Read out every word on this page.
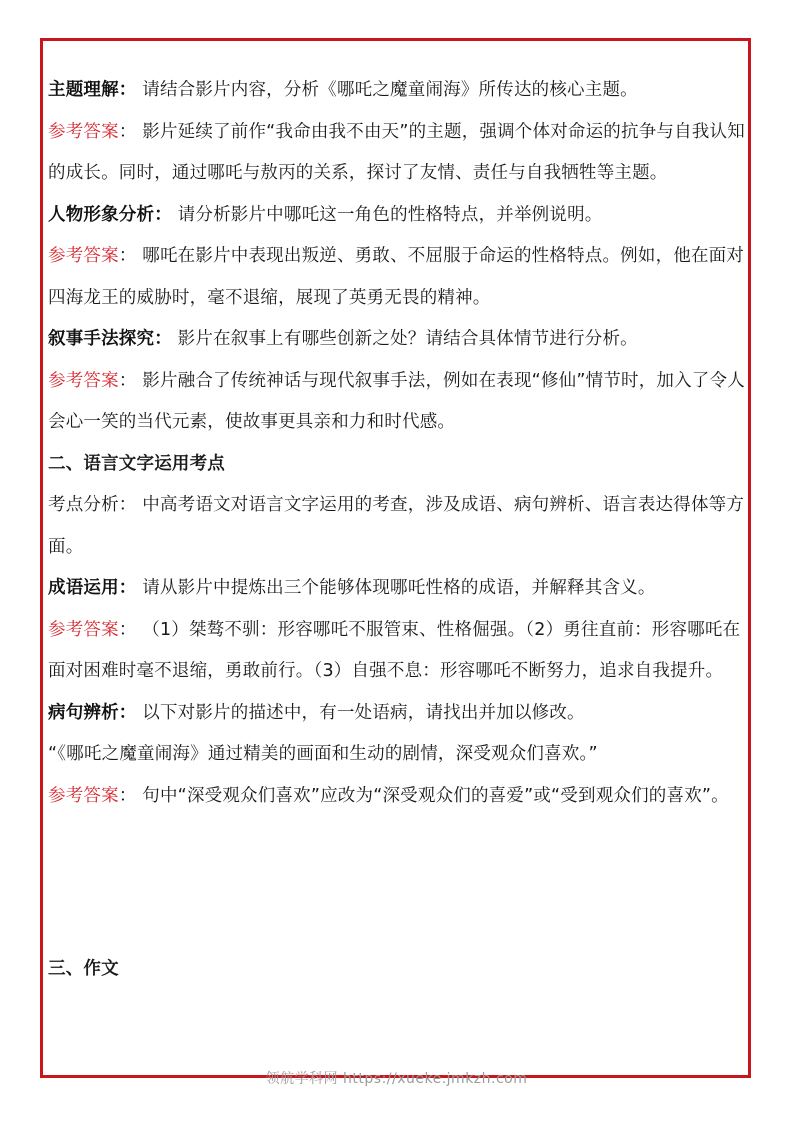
主题理解： 请结合影片内容，分析《哪吒之魔童闹海》所传达的核心主题。

参考答案： 影片延续了前作“我命由我不由天”的主题，强调个体对命运的抗争与自我认知的成长。同时，通过哪吒与敖丙的关系，探讨了友情、责任与自我牺牲等主题。

人物形象分析： 请分析影片中哪吒这一角色的性格特点，并举例说明。

参考答案： 哪吒在影片中表现出叛逆、勇敢、不屈服于命运的性格特点。例如，他在面对四海龙王的威胁时，毫不退缩，展现了英勇无畏的精神。

叙事手法探究： 影片在叙事上有哪些创新之处？请结合具体情节进行分析。

参考答案： 影片融合了传统神话与现代叙事手法，例如在表现“修仙”情节时，加入了令人会心一笑的当代元素，使故事更具亲和力和时代感。

二、语言文字运用考点

考点分析： 中高考语文对语言文字运用的考查，涉及成语、病句辨析、语言表达得体等方面。

成语运用： 请从影片中提炼出三个能够体现哪吒性格的成语，并解释其含义。

参考答案： （1）桀骜不驯：形容哪吒不服管束、性格倔强。（2）勇往直前：形容哪吒在面对困难时毫不退缩，勇敢前行。（3）自强不息：形容哪吒不断努力，追求自我提升。

病句辨析： 以下对影片的描述中，有一处语病，请找出并加以修改。

“《哪吒之魔童闹海》通过精美的画面和生动的剧情，深受观众们喜欢。”

参考答案： 句中“深受观众们喜欢”应改为“深受观众们的喜爱”或“受到观众们的喜欢”。

三、作文

领航学科网 https://xueke.jmkzh.com
